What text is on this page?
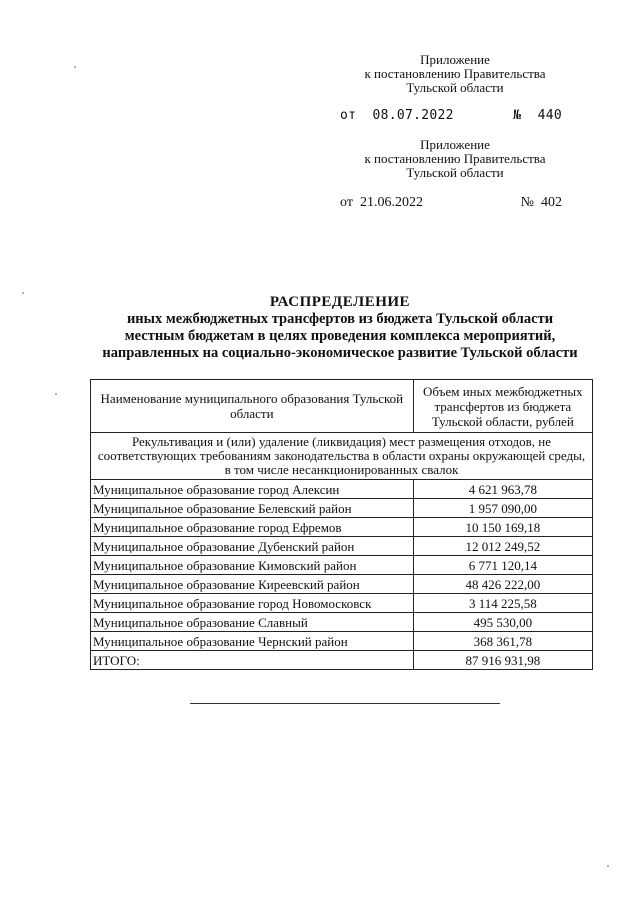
Приложение
к постановлению Правительства
Тульской области
от 08.07.2022	№ 440
Приложение
к постановлению Правительства
Тульской области
от 21.06.2022	№ 402
РАСПРЕДЕЛЕНИЕ
иных межбюджетных трансфертов из бюджета Тульской области
местным бюджетам в целях проведения комплекса мероприятий,
направленных на социально-экономическое развитие Тульской области
Наименование муниципального образования Тульской области	Объем иных межбюджетных трансфертов из бюджета Тульской области, рублей
Рекультивация и (или) удаление (ликвидация) мест размещения отходов, не соответствующих требованиям законодательства в области охраны окружающей среды, в том числе несанкционированных свалок	
Муниципальное образование город Алексин	4 621 963,78
Муниципальное образование Белевский район	1 957 090,00
Муниципальное образование город Ефремов	10 150 169,18
Муниципальное образование Дубенский район	12 012 249,52
Муниципальное образование Кимовский район	6 771 120,14
Муниципальное образование Киреевский район	48 426 222,00
Муниципальное образование город Новомосковск	3 114 225,58
Муниципальное образование Славный	495 530,00
Муниципальное образование Чернский район	368 361,78
ИТОГО:	87 916 931,98
